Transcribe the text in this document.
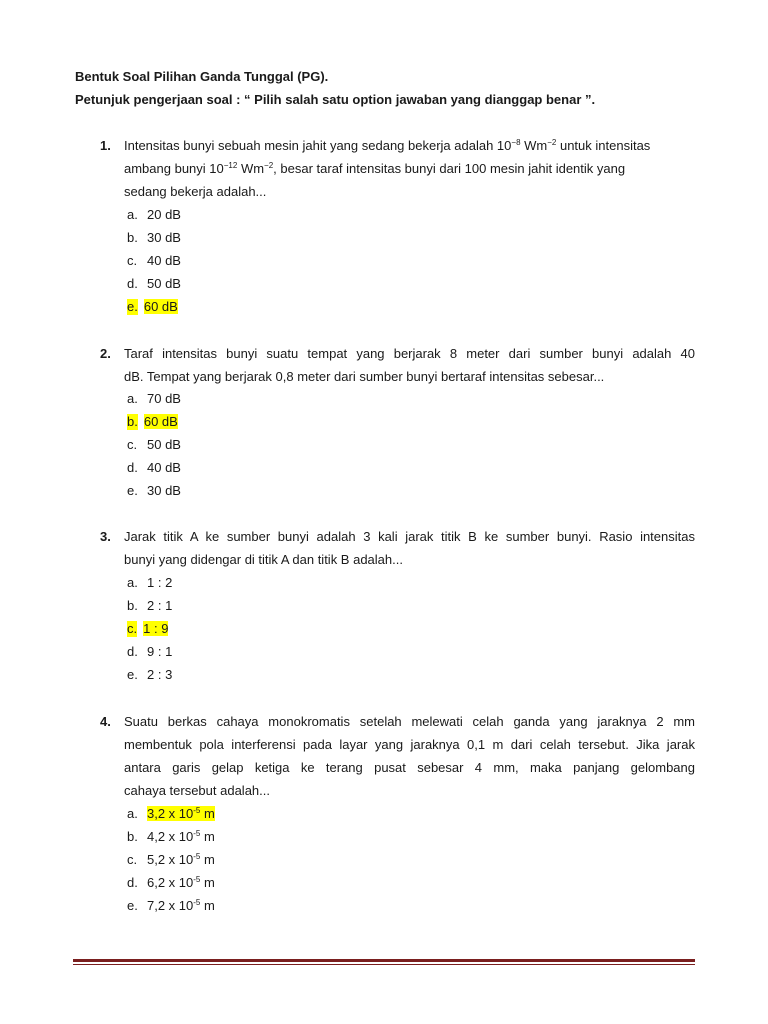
Bentuk Soal Pilihan Ganda Tunggal (PG).
Petunjuk pengerjaan soal : “ Pilih salah satu option jawaban yang dianggap benar ”.
1. Intensitas bunyi sebuah mesin jahit yang sedang bekerja adalah $10^{-8}$ $Wm^{-2}$ untuk intensitas
ambang bunyi $10^{-12}$ $Wm^{-2}$, besar taraf intensitas bunyi dari 100 mesin jahit identik yang
sedang bekerja adalah...
a. 20 dB
b. 30 dB
c. 40 dB
d. 50 dB
e. 60 dB
2. Taraf intensitas bunyi suatu tempat yang berjarak 8 meter dari sumber bunyi adalah 40
dB. Tempat yang berjarak 0,8 meter dari sumber bunyi bertaraf intensitas sebesar...
a. 70 dB
b. 60 dB
c. 50 dB
d. 40 dB
e. 30 dB
3. Jarak titik A ke sumber bunyi adalah 3 kali jarak titik B ke sumber bunyi. Rasio intensitas
bunyi yang didengar di titik A dan titik B adalah...
a. 1 : 2
b. 2 : 1
c. 1 : 9
d. 9 : 1
e. 2 : 3
4. Suatu berkas cahaya monokromatis setelah melewati celah ganda yang jaraknya 2 mm
membentuk pola interferensi pada layar yang jaraknya 0,1 m dari celah tersebut. Jika jarak
antara garis gelap ketiga ke terang pusat sebesar 4 mm, maka panjang gelombang
cahaya tersebut adalah...
a. 3,2 x $10^{-5}$ m
b. 4,2 x $10^{-5}$ m
c. 5,2 x $10^{-5}$ m
d. 6,2 x $10^{-5}$ m
e. 7,2 x $10^{-5}$ m
